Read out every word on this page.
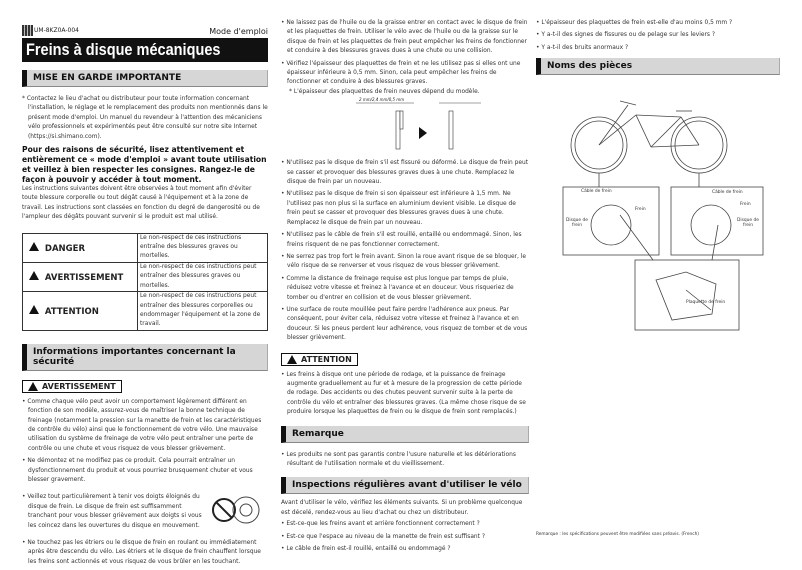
UM-8KZ0A-004	Mode d'emploi
Freins à disque mécaniques
MISE EN GARDE IMPORTANTE
* Contactez le lieu d'achat ou distributeur pour toute information concernant l'installation, le réglage et le remplacement des produits non mentionnés dans le présent mode d'emploi. Un manuel du revendeur à l'attention des mécaniciens vélo professionnels et expérimentés peut être consulté sur notre site Internet (https://si.shimano.com).
Pour des raisons de sécurité, lisez attentivement et entièrement ce « mode d'emploi » avant toute utilisation et veillez à bien respecter les consignes. Rangez-le de façon à pouvoir y accéder à tout moment.
Les instructions suivantes doivent être observées à tout moment afin d'éviter toute blessure corporelle ou tout dégât causé à l'équipement et à la zone de travail. Les instructions sont classées en fonction du degré de dangerosité ou de l'ampleur des dégâts pouvant survenir si le produit est mal utilisé.
DANGER	Le non-respect de ces instructions entraîne des blessures graves ou mortelles.
AVERTISSEMENT	Le non-respect de ces instructions peut entraîner des blessures graves ou mortelles.
ATTENTION	Le non-respect de ces instructions peut entraîner des blessures corporelles ou endommager l'équipement et la zone de travail.
Informations importantes concernant la sécurité
AVERTISSEMENT
• Comme chaque vélo peut avoir un comportement légèrement différent en fonction de son modèle, assurez-vous de maîtriser la bonne technique de freinage (notamment la pression sur la manette de frein et les caractéristiques de contrôle du vélo) ainsi que le fonctionnement de votre vélo. Une mauvaise utilisation du système de freinage de votre vélo peut entraîner une perte de contrôle ou une chute et vous risquez de vous blesser grièvement.
• Ne démontez et ne modifiez pas ce produit. Cela pourrait entraîner un dysfonctionnement du produit et vous pourriez brusquement chuter et vous blesser gravement.
• Veillez tout particulièrement à tenir vos doigts éloignés du disque de frein. Le disque de frein est suffisamment tranchant pour vous blesser grièvement aux doigts si vous les coincez dans les ouvertures du disque en mouvement.
• Ne touchez pas les étriers ou le disque de frein en roulant ou immédiatement après être descendu du vélo. Les étriers et le disque de frein chauffent lorsque les freins sont actionnés et vous risquez de vous brûler en les touchant.
• Ne laissez pas de l'huile ou de la graisse entrer en contact avec le disque de frein et les plaquettes de frein. Utiliser le vélo avec de l'huile ou de la graisse sur le disque de frein et les plaquettes de frein peut empêcher les freins de fonctionner et conduire à des blessures graves dues à une chute ou une collision.
• Vérifiez l'épaisseur des plaquettes de frein et ne les utilisez pas si elles ont une épaisseur inférieure à 0,5 mm. Sinon, cela peut empêcher les freins de fonctionner et conduire à des blessures graves.
* L'épaisseur des plaquettes de frein neuves dépend du modèle.
2 mm/2,4 mm/0,5 mm
• N'utilisez pas le disque de frein s'il est fissuré ou déformé. Le disque de frein peut se casser et provoquer des blessures graves dues à une chute. Remplacez le disque de frein par un nouveau.
• N'utilisez pas le disque de frein si son épaisseur est inférieure à 1,5 mm. Ne l'utilisez pas non plus si la surface en aluminium devient visible. Le disque de frein peut se casser et provoquer des blessures graves dues à une chute. Remplacez le disque de frein par un nouveau.
• N'utilisez pas le câble de frein s'il est rouillé, entaillé ou endommagé. Sinon, les freins risquent de ne pas fonctionner correctement.
• Ne serrez pas trop fort le frein avant. Sinon la roue avant risque de se bloquer, le vélo risque de se renverser et vous risquez de vous blesser grièvement.
• Comme la distance de freinage requise est plus longue par temps de pluie, réduisez votre vitesse et freinez à l'avance et en douceur. Vous risqueriez de tomber ou d'entrer en collision et de vous blesser grièvement.
• Une surface de route mouillée peut faire perdre l'adhérence aux pneus. Par conséquent, pour éviter cela, réduisez votre vitesse et freinez à l'avance et en douceur. Si les pneus perdent leur adhérence, vous risquez de tomber et de vous blesser grièvement.
ATTENTION
• Les freins à disque ont une période de rodage, et la puissance de freinage augmente graduellement au fur et à mesure de la progression de cette période de rodage. Des accidents ou des chutes peuvent survenir suite à la perte de contrôle du vélo et entraîner des blessures graves. (La même chose risque de se produire lorsque les plaquettes de frein ou le disque de frein sont remplacés.)
Remarque
• Les produits ne sont pas garantis contre l'usure naturelle et les détériorations résultant de l'utilisation normale et du vieillissement.
Inspections régulières avant d'utiliser le vélo
Avant d'utiliser le vélo, vérifiez les éléments suivants. Si un problème quelconque est décelé, rendez-vous au lieu d'achat ou chez un distributeur.
• Est-ce-que les freins avant et arrière fonctionnent correctement ?
• Est-ce que l'espace au niveau de la manette de frein est suffisant ?
• Le câble de frein est-il rouillé, entaillé ou endommagé ?
• L'épaisseur des plaquettes de frein est-elle d'au moins 0,5 mm ?
• Y a-t-il des signes de fissures ou de pelage sur les leviers ?
• Y a-t-il des bruits anormaux ?
Noms des pièces
Câble de frein
Frein
Disque de frein
Câble de frein
Frein
Disque de frein
Plaquette de frein
Remarque : les spécifications peuvent être modifiées sans préavis. (French)
